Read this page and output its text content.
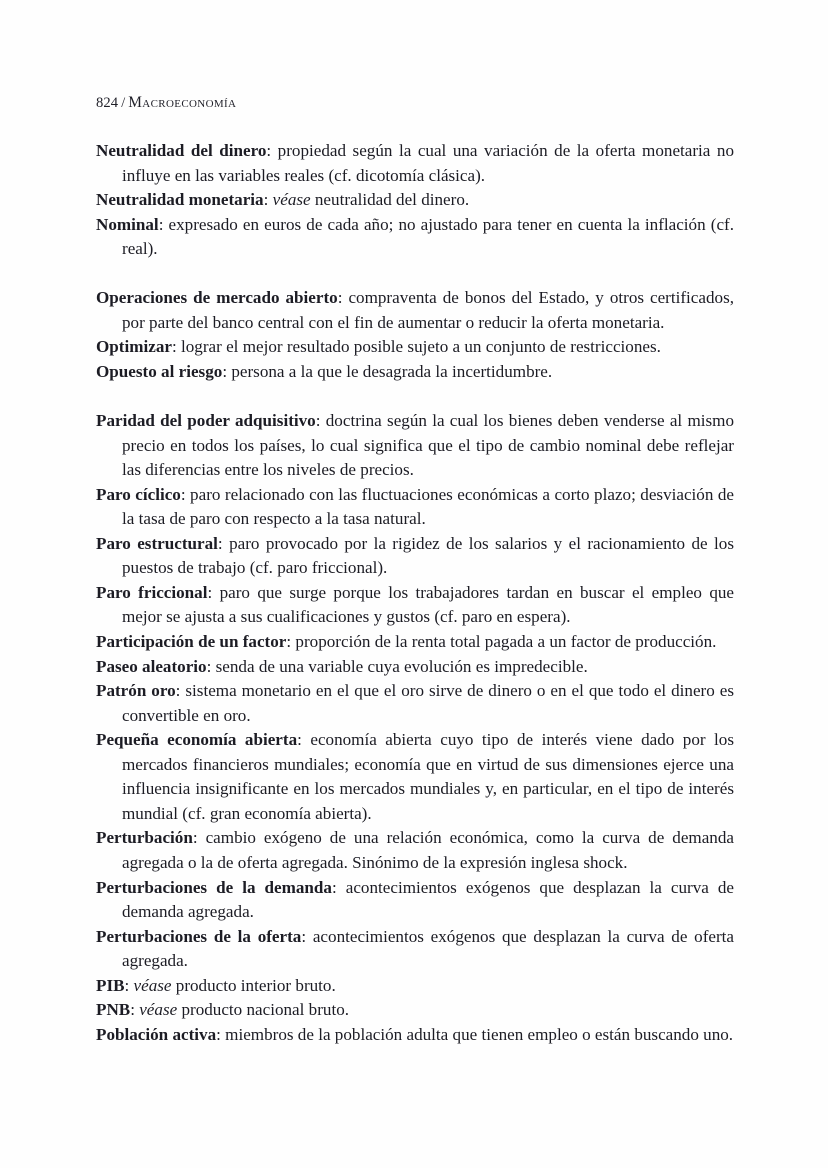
824 / Macroeconomía

Neutralidad del dinero: propiedad según la cual una variación de la oferta monetaria no influye en las variables reales (cf. dicotomía clásica).

Neutralidad monetaria: véase neutralidad del dinero.

Nominal: expresado en euros de cada año; no ajustado para tener en cuenta la inflación (cf. real).

Operaciones de mercado abierto: compraventa de bonos del Estado, y otros certificados, por parte del banco central con el fin de aumentar o reducir la oferta monetaria.

Optimizar: lograr el mejor resultado posible sujeto a un conjunto de restricciones.

Opuesto al riesgo: persona a la que le desagrada la incertidumbre.

Paridad del poder adquisitivo: doctrina según la cual los bienes deben venderse al mismo precio en todos los países, lo cual significa que el tipo de cambio nominal debe reflejar las diferencias entre los niveles de precios.

Paro cíclico: paro relacionado con las fluctuaciones económicas a corto plazo; desviación de la tasa de paro con respecto a la tasa natural.

Paro estructural: paro provocado por la rigidez de los salarios y el racionamiento de los puestos de trabajo (cf. paro friccional).

Paro friccional: paro que surge porque los trabajadores tardan en buscar el empleo que mejor se ajusta a sus cualificaciones y gustos (cf. paro en espera).

Participación de un factor: proporción de la renta total pagada a un factor de producción.

Paseo aleatorio: senda de una variable cuya evolución es impredecible.

Patrón oro: sistema monetario en el que el oro sirve de dinero o en el que todo el dinero es convertible en oro.

Pequeña economía abierta: economía abierta cuyo tipo de interés viene dado por los mercados financieros mundiales; economía que en virtud de sus dimensiones ejerce una influencia insignificante en los mercados mundiales y, en particular, en el tipo de interés mundial (cf. gran economía abierta).

Perturbación: cambio exógeno de una relación económica, como la curva de demanda agregada o la de oferta agregada. Sinónimo de la expresión inglesa shock.

Perturbaciones de la demanda: acontecimientos exógenos que desplazan la curva de demanda agregada.

Perturbaciones de la oferta: acontecimientos exógenos que desplazan la curva de oferta agregada.

PIB: véase producto interior bruto.

PNB: véase producto nacional bruto.

Población activa: miembros de la población adulta que tienen empleo o están buscando uno.
